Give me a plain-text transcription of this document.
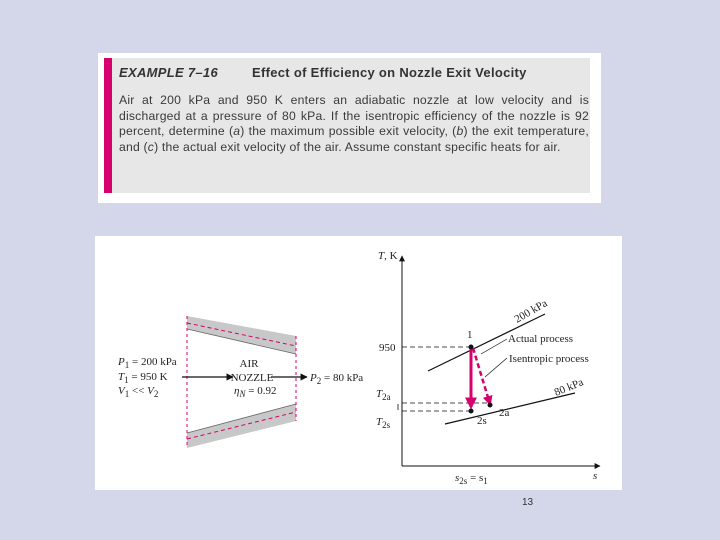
EXAMPLE 7–16	Effect of Efficiency on Nozzle Exit Velocity
Air at 200 kPa and 950 K enters an adiabatic nozzle at low velocity and is discharged at a pressure of 80 kPa. If the isentropic efficiency of the nozzle is 92 percent, determine (a) the maximum possible exit velocity, (b) the exit temperature, and (c) the actual exit velocity of the air. Assume constant specific heats for air.
$P_1 = 200$ kPa
$T_1 = 950$ K
$V_1 << V_2$
AIR
NOZZLE
$\eta_N = 0.92$
$P_2 = 80$ kPa
T, K
s
$s_{2s} = s_1$
200 kPa
80 kPa
950
$T_{2a}$
$T_{2s}$
1
2s
2a
Actual process
Isentropic process
13
